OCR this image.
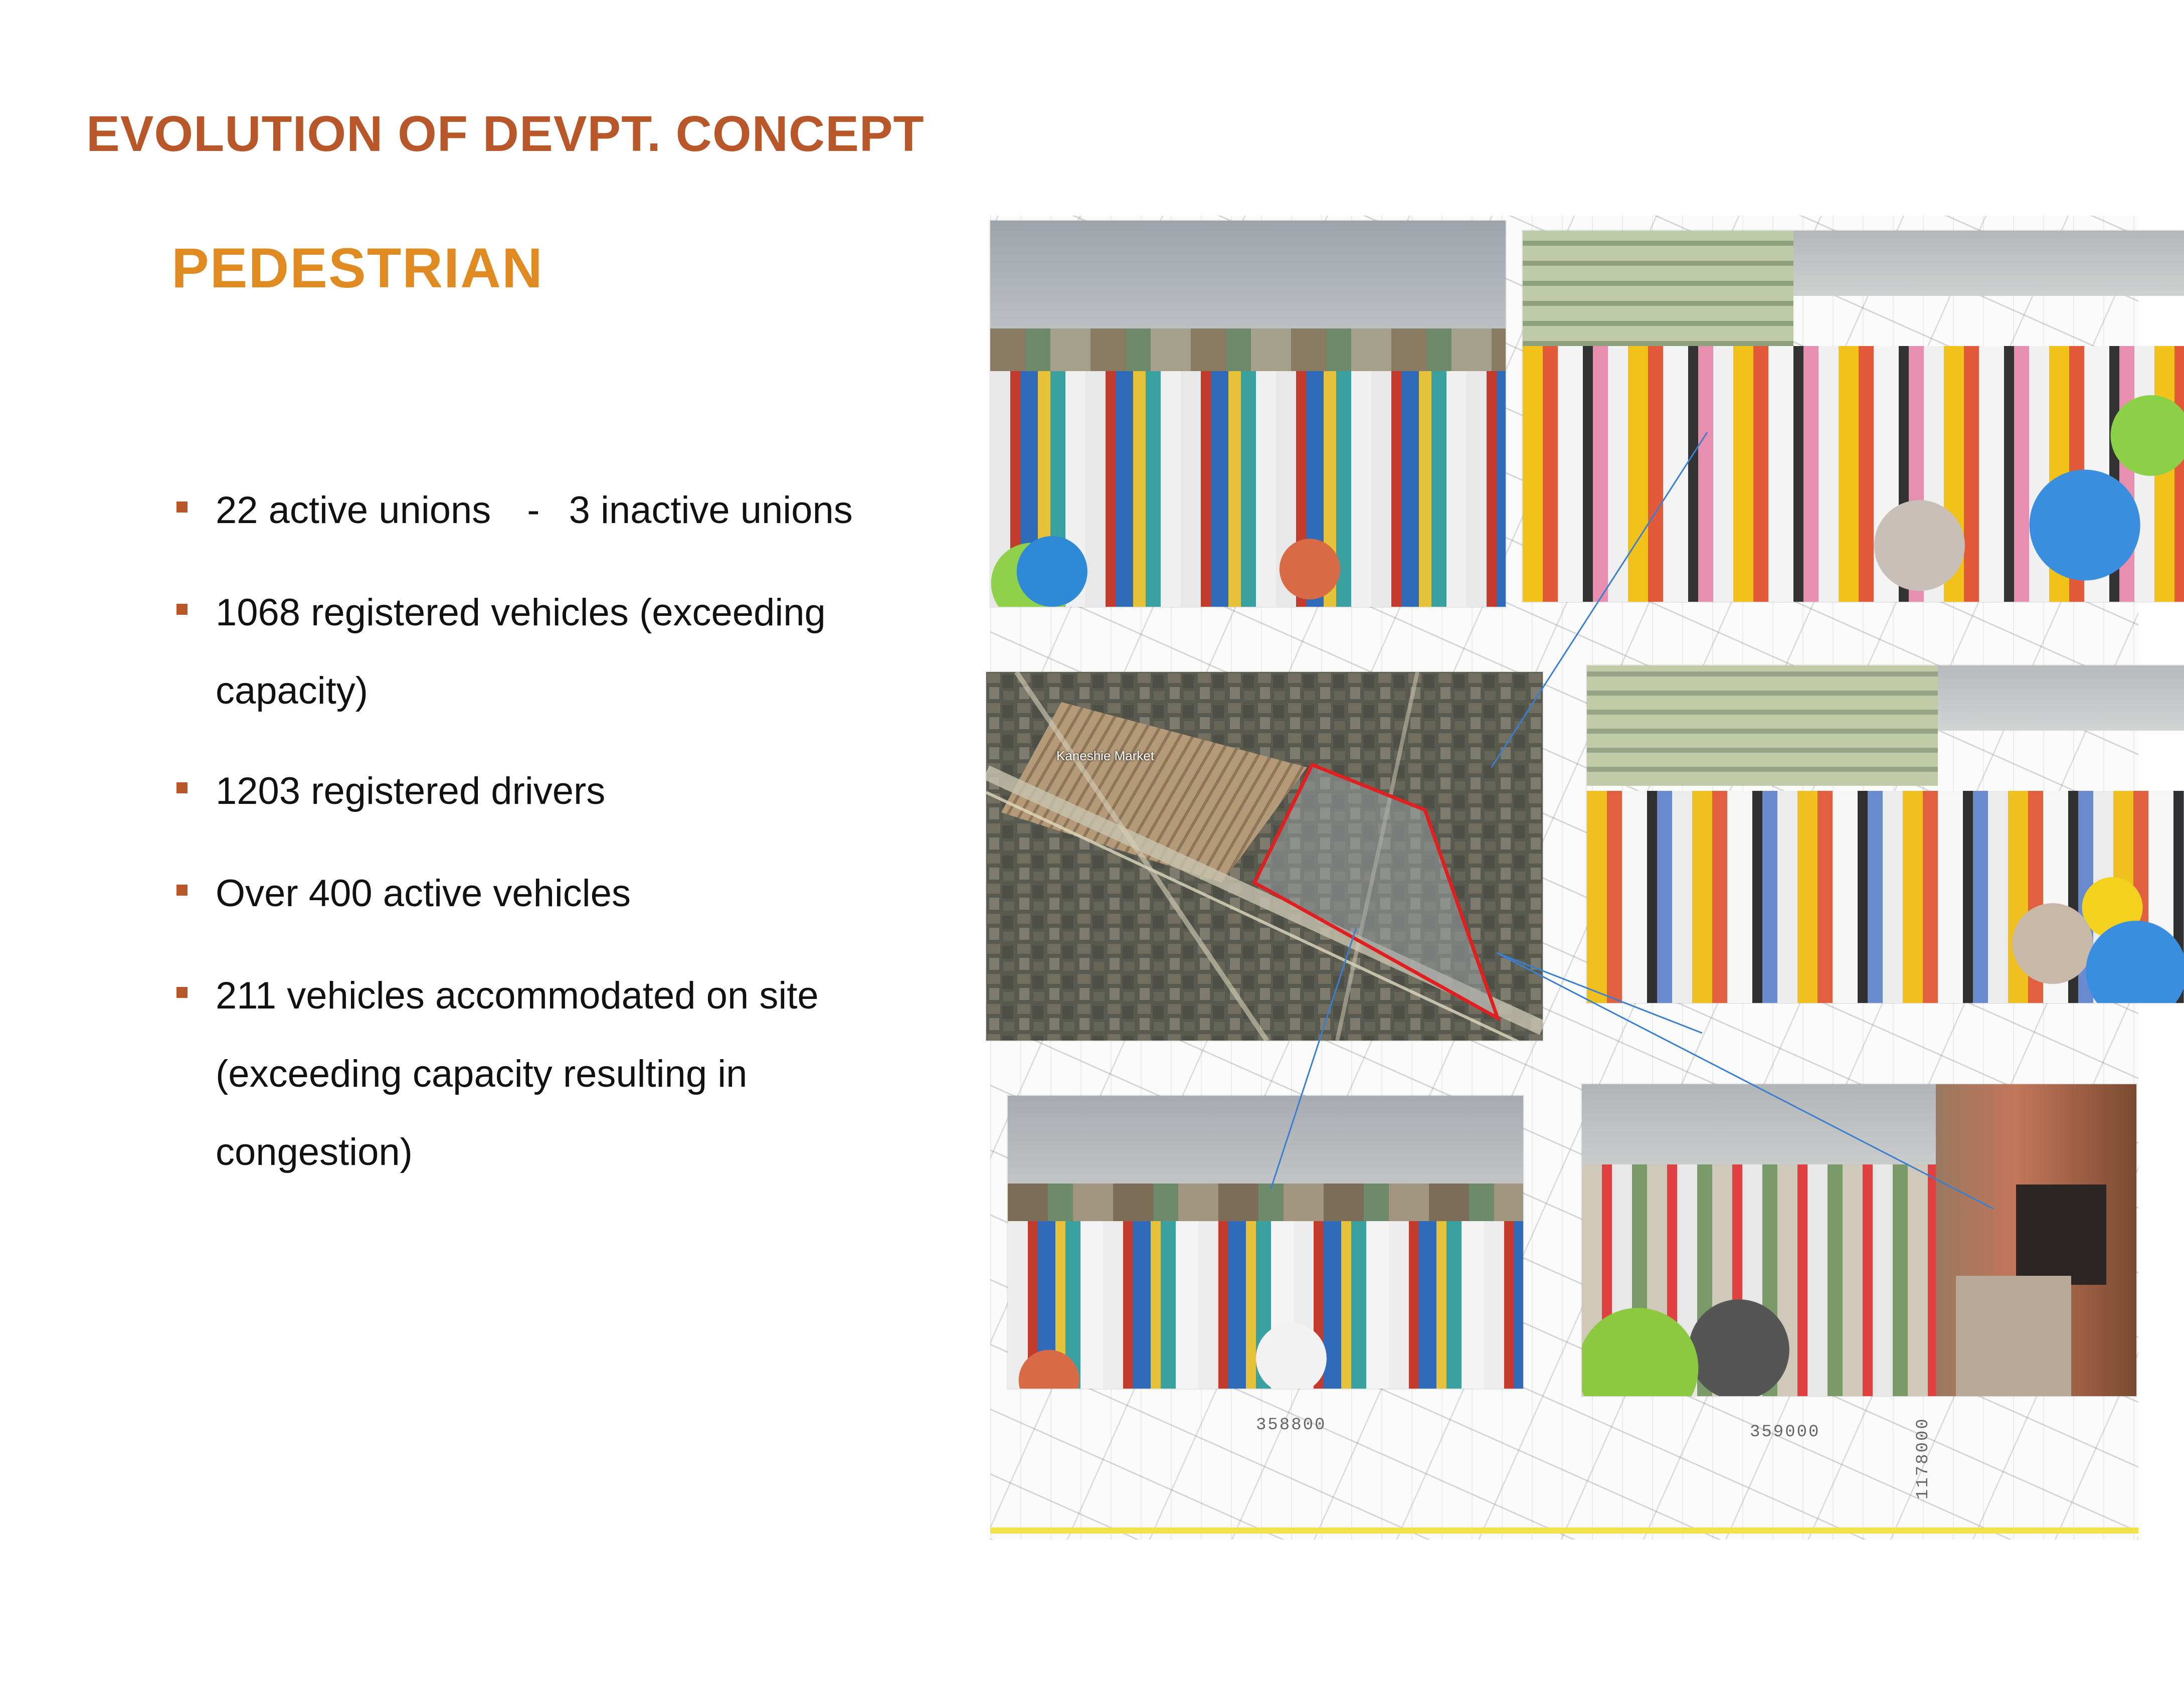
EVOLUTION OF DEVPT. CONCEPT
PEDESTRIAN
22 active unions - 3 inactive unions
1068 registered vehicles (exceeding
capacity)
1203 registered drivers
Over 400 active vehicles
211 vehicles accommodated on site
(exceeding capacity resulting in
congestion)
358800	359000	1178000
Kaneshie Market
